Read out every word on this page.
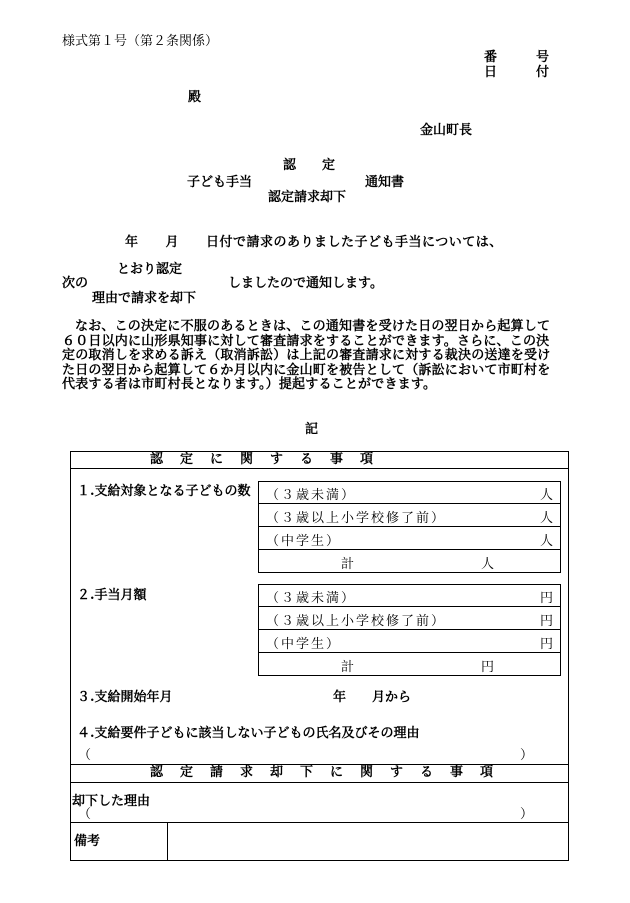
様式第１号（第２条関係）
番　　　号
日　　　付
殿
金山町長
認　　定
子ども手当	通知書
認定請求却下
年　　月　　日付で請求のありました子ども手当については、
とおり認定
次の	しましたので通知します。
理由で請求を却下
なお、この決定に不服のあるときは、この通知書を受けた日の翌日から起算して６０日以内に山形県知事に対して審査請求をすることができます。さらに、この決定の取消しを求める訴え（取消訴訟）は上記の審査請求に対する裁決の送達を受けた日の翌日から起算して６か月以内に金山町を被告として（訴訟において市町村を代表する者は市町村長となります。）提起することができます。
記
認　定　に　関　す　る　事　項
１.支給対象となる子どもの数 （３歳未満）	人
（３歳以上小学校修了前）	人
（中学生）	人
計	人
２.手当月額	（３歳未満）	円
（３歳以上小学校修了前）	円
（中学生）	円
計	円
３.支給開始年月	年　　月から
４.支給要件子どもに該当しない子どもの氏名及びその理由
（	）
認　定　請　求　却　下　に　関　す　る　事　項
却下した理由
（	）
備考
